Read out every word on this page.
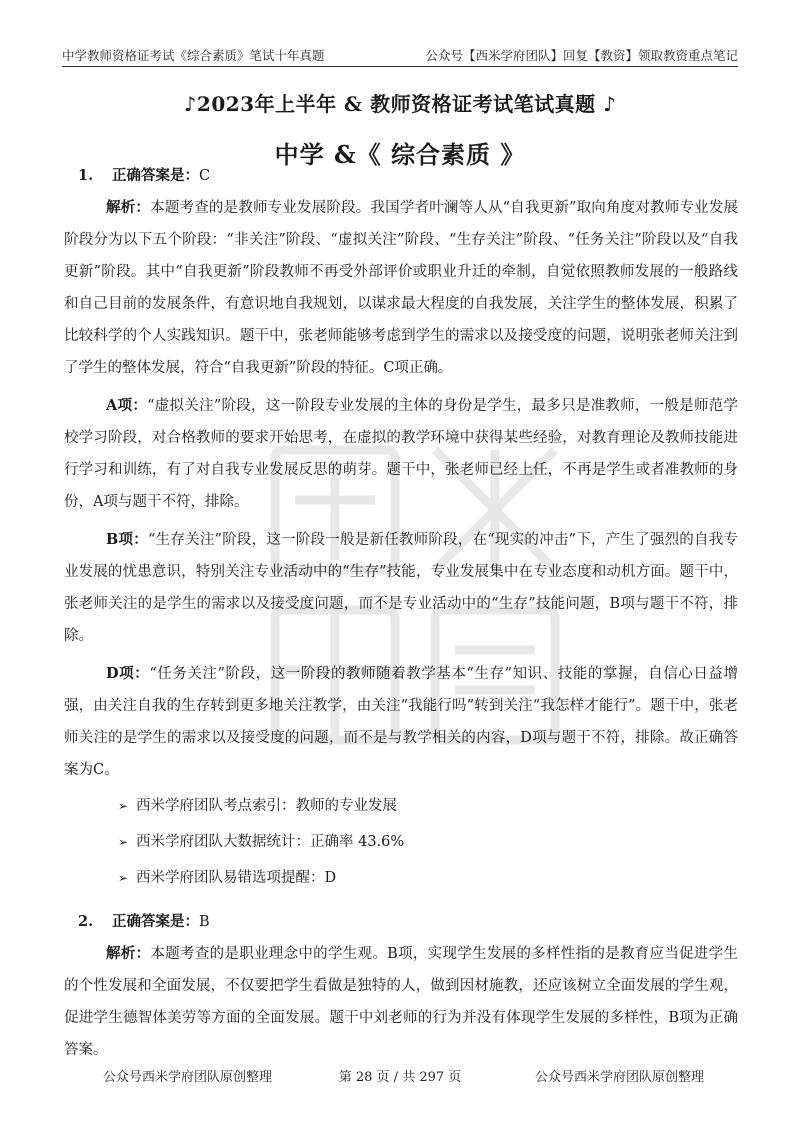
中学教师资格证考试《综合素质》笔试十年真题	公众号【西米学府团队】回复【教资】领取教资重点笔记
♪2023年上半年 & 教师资格证考试笔试真题 ♪
中学 &《 综合素质 》

1. 正确答案是：C

解析：本题考查的是教师专业发展阶段。我国学者叶澜等人从“自我更新”取向角度对教师专业发展阶段分为以下五个阶段：“非关注”阶段、“虚拟关注”阶段、“生存关注”阶段、“任务关注”阶段以及“自我更新”阶段。其中“自我更新”阶段教师不再受外部评价或职业升迁的牵制，自觉依照教师发展的一般路线和自己目前的发展条件，有意识地自我规划，以谋求最大程度的自我发展，关注学生的整体发展，积累了比较科学的个人实践知识。题干中，张老师能够考虑到学生的需求以及接受度的问题，说明张老师关注到了学生的整体发展，符合“自我更新”阶段的特征。C项正确。

A项：“虚拟关注”阶段，这一阶段专业发展的主体的身份是学生，最多只是准教师，一般是师范学校学习阶段，对合格教师的要求开始思考，在虚拟的教学环境中获得某些经验，对教育理论及教师技能进行学习和训练，有了对自我专业发展反思的萌芽。题干中，张老师已经上任，不再是学生或者准教师的身份，A项与题干不符，排除。

B项：“生存关注”阶段，这一阶段一般是新任教师阶段，在“现实的冲击”下，产生了强烈的自我专业发展的忧患意识，特别关注专业活动中的“生存”技能，专业发展集中在专业态度和动机方面。题干中，张老师关注的是学生的需求以及接受度问题，而不是专业活动中的“生存”技能问题，B项与题干不符，排除。

D项：“任务关注”阶段，这一阶段的教师随着教学基本“生存”知识、技能的掌握，自信心日益增强，由关注自我的生存转到更多地关注教学，由关注“我能行吗”转到关注“我怎样才能行”。题干中，张老师关注的是学生的需求以及接受度的问题，而不是与教学相关的内容，D项与题干不符，排除。故正确答案为C。

➢ 西米学府团队考点索引：教师的专业发展
➢ 西米学府团队大数据统计：正确率 43.6%
➢ 西米学府团队易错选项提醒：D

2. 正确答案是：B

解析：本题考查的是职业理念中的学生观。B项，实现学生发展的多样性指的是教育应当促进学生的个性发展和全面发展，不仅要把学生看做是独特的人，做到因材施教，还应该树立全面发展的学生观，促进学生德智体美劳等方面的全面发展。题干中刘老师的行为并没有体现学生发展的多样性，B项为正确答案。

公众号西米学府团队原创整理	第 28 页 / 共 297 页	公众号西米学府团队原创整理
